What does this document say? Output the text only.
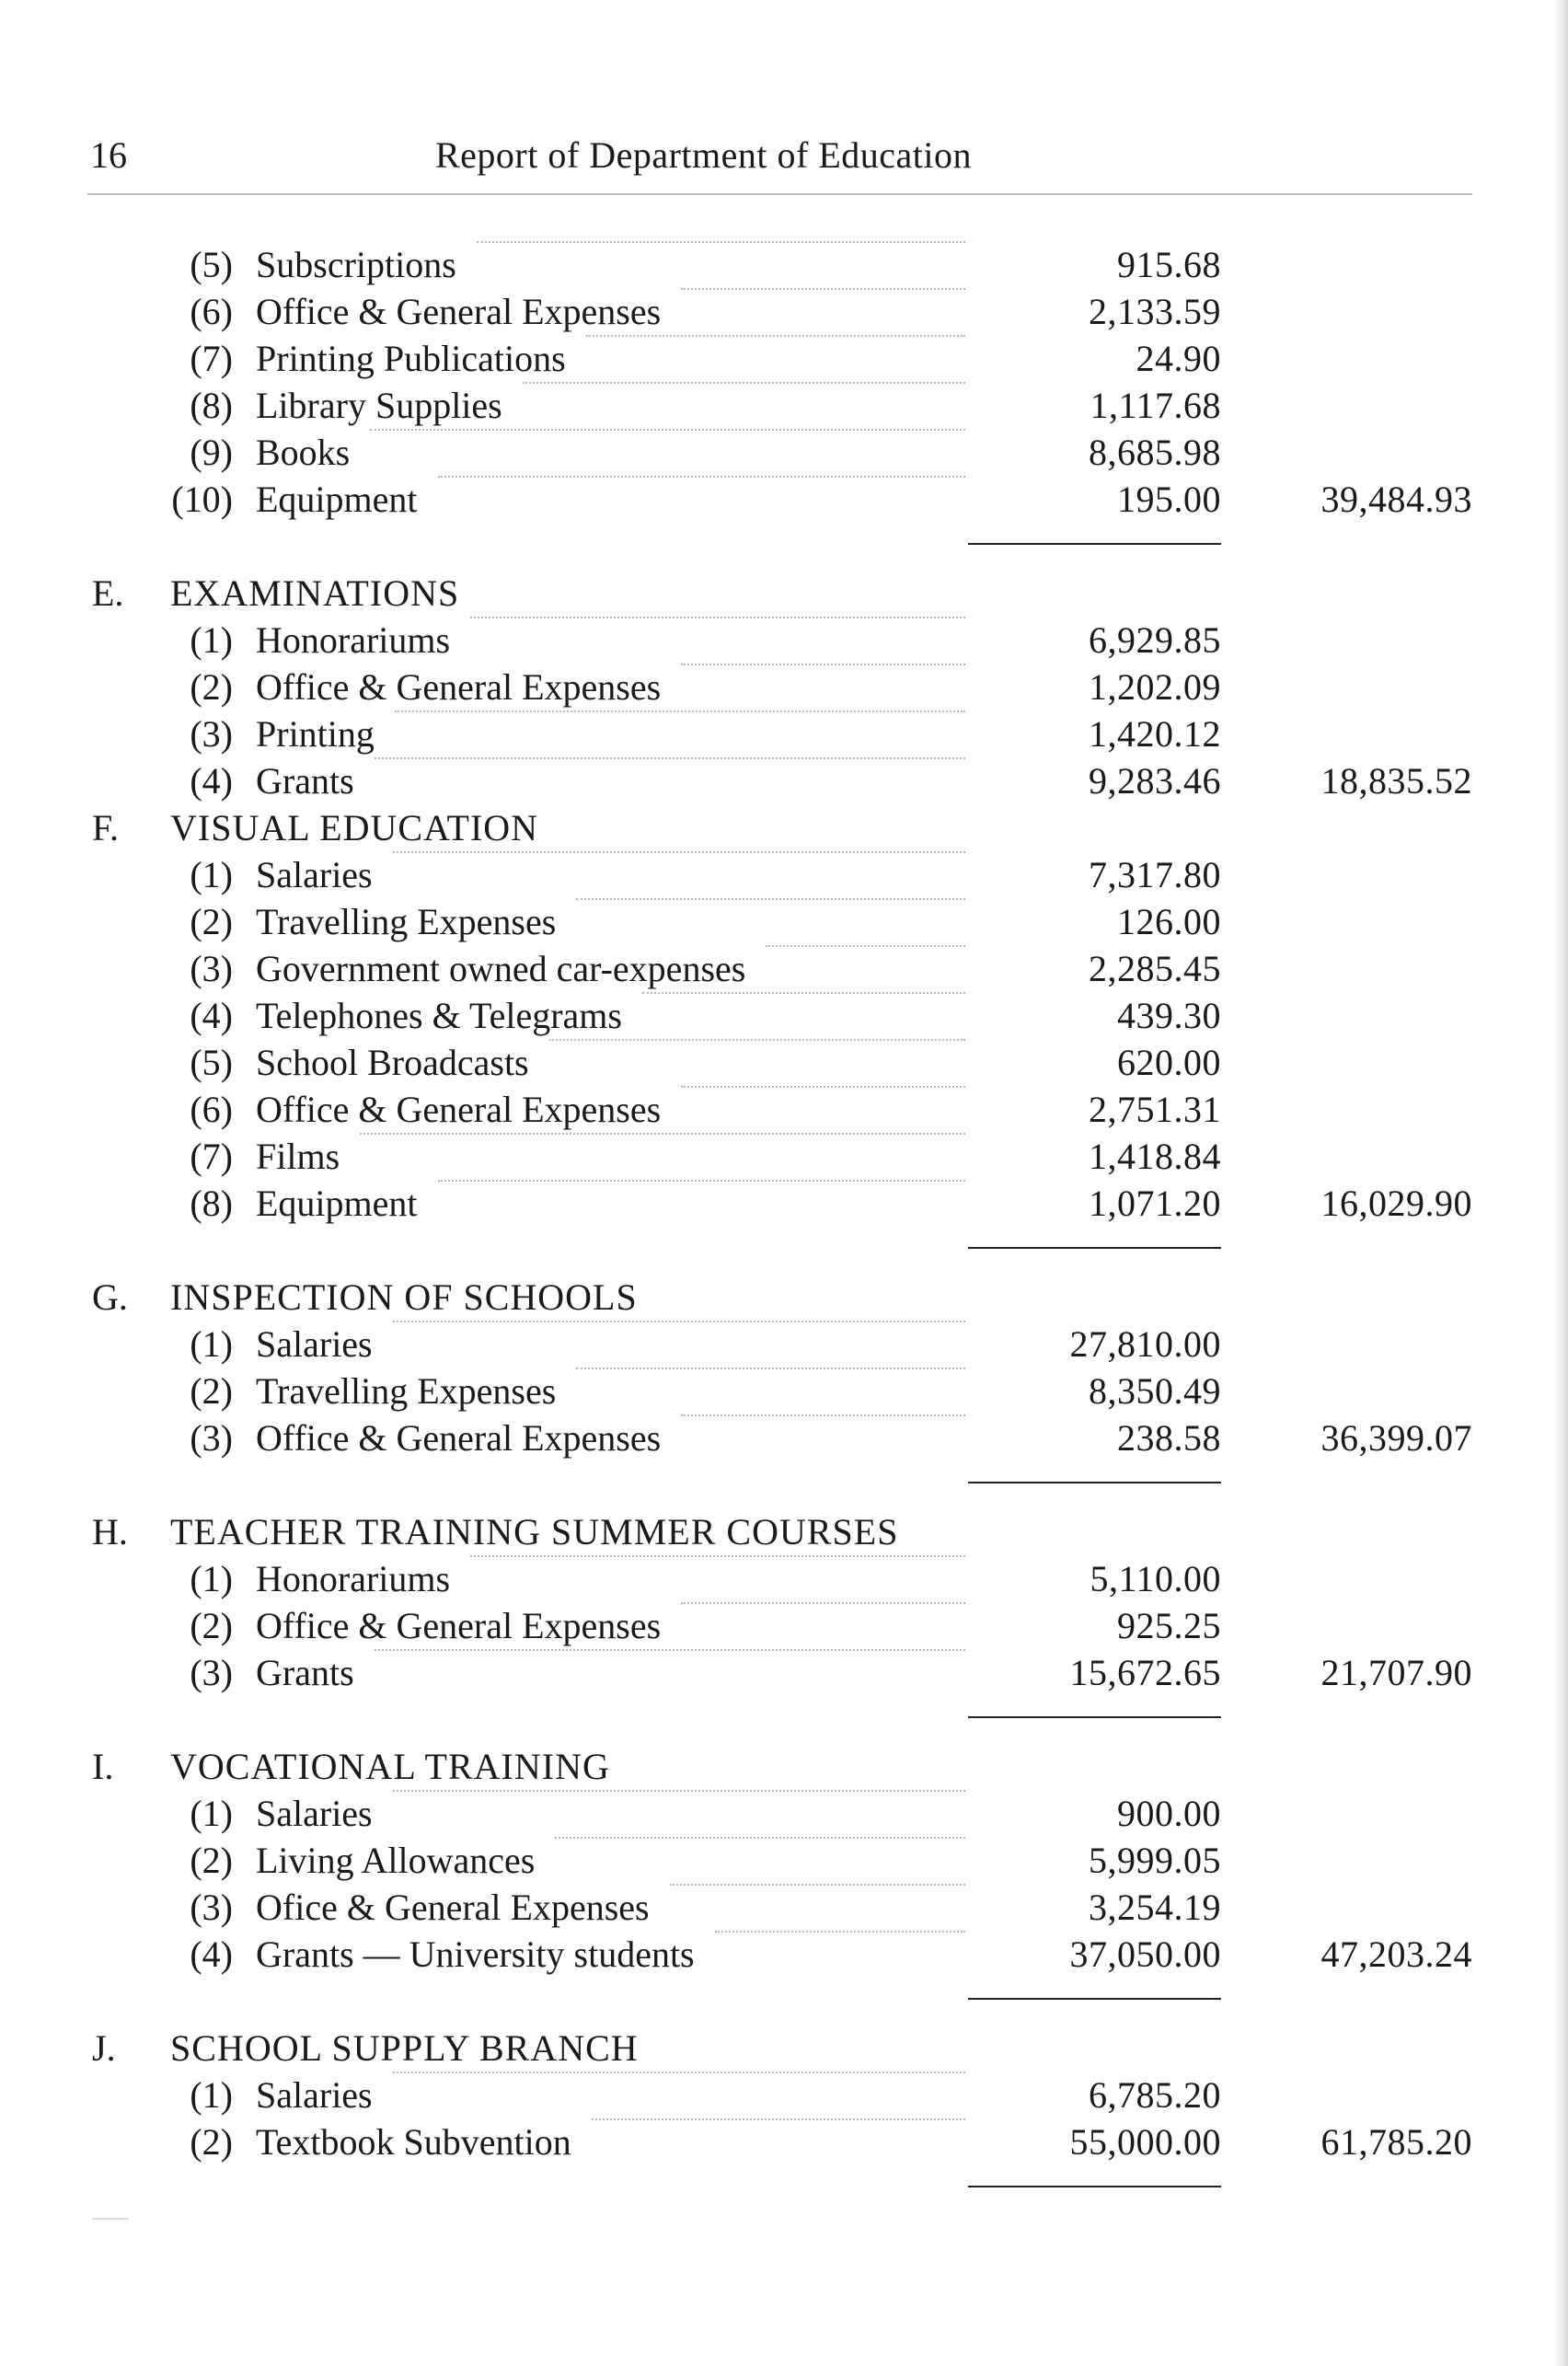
16	Report of Department of Education
(5) Subscriptions	915.68
(6) Office & General Expenses	2,133.59
(7) Printing Publications	24.90
(8) Library Supplies	1,117.68
(9) Books	8,685.98
(10) Equipment	195.00	39,484.93
E. EXAMINATIONS
(1) Honorariums	6,929.85
(2) Office & General Expenses	1,202.09
(3) Printing	1,420.12
(4) Grants	9,283.46	18,835.52
F. VISUAL EDUCATION
(1) Salaries	7,317.80
(2) Travelling Expenses	126.00
(3) Government owned car-expenses	2,285.45
(4) Telephones & Telegrams	439.30
(5) School Broadcasts	620.00
(6) Office & General Expenses	2,751.31
(7) Films	1,418.84
(8) Equipment	1,071.20	16,029.90
G. INSPECTION OF SCHOOLS
(1) Salaries	27,810.00
(2) Travelling Expenses	8,350.49
(3) Office & General Expenses	238.58	36,399.07
H. TEACHER TRAINING SUMMER COURSES
(1) Honorariums	5,110.00
(2) Office & General Expenses	925.25
(3) Grants	15,672.65	21,707.90
I. VOCATIONAL TRAINING
(1) Salaries	900.00
(2) Living Allowances	5,999.05
(3) Ofice & General Expenses	3,254.19
(4) Grants — University students	37,050.00	47,203.24
J. SCHOOL SUPPLY BRANCH
(1) Salaries	6,785.20
(2) Textbook Subvention	55,000.00	61,785.20
